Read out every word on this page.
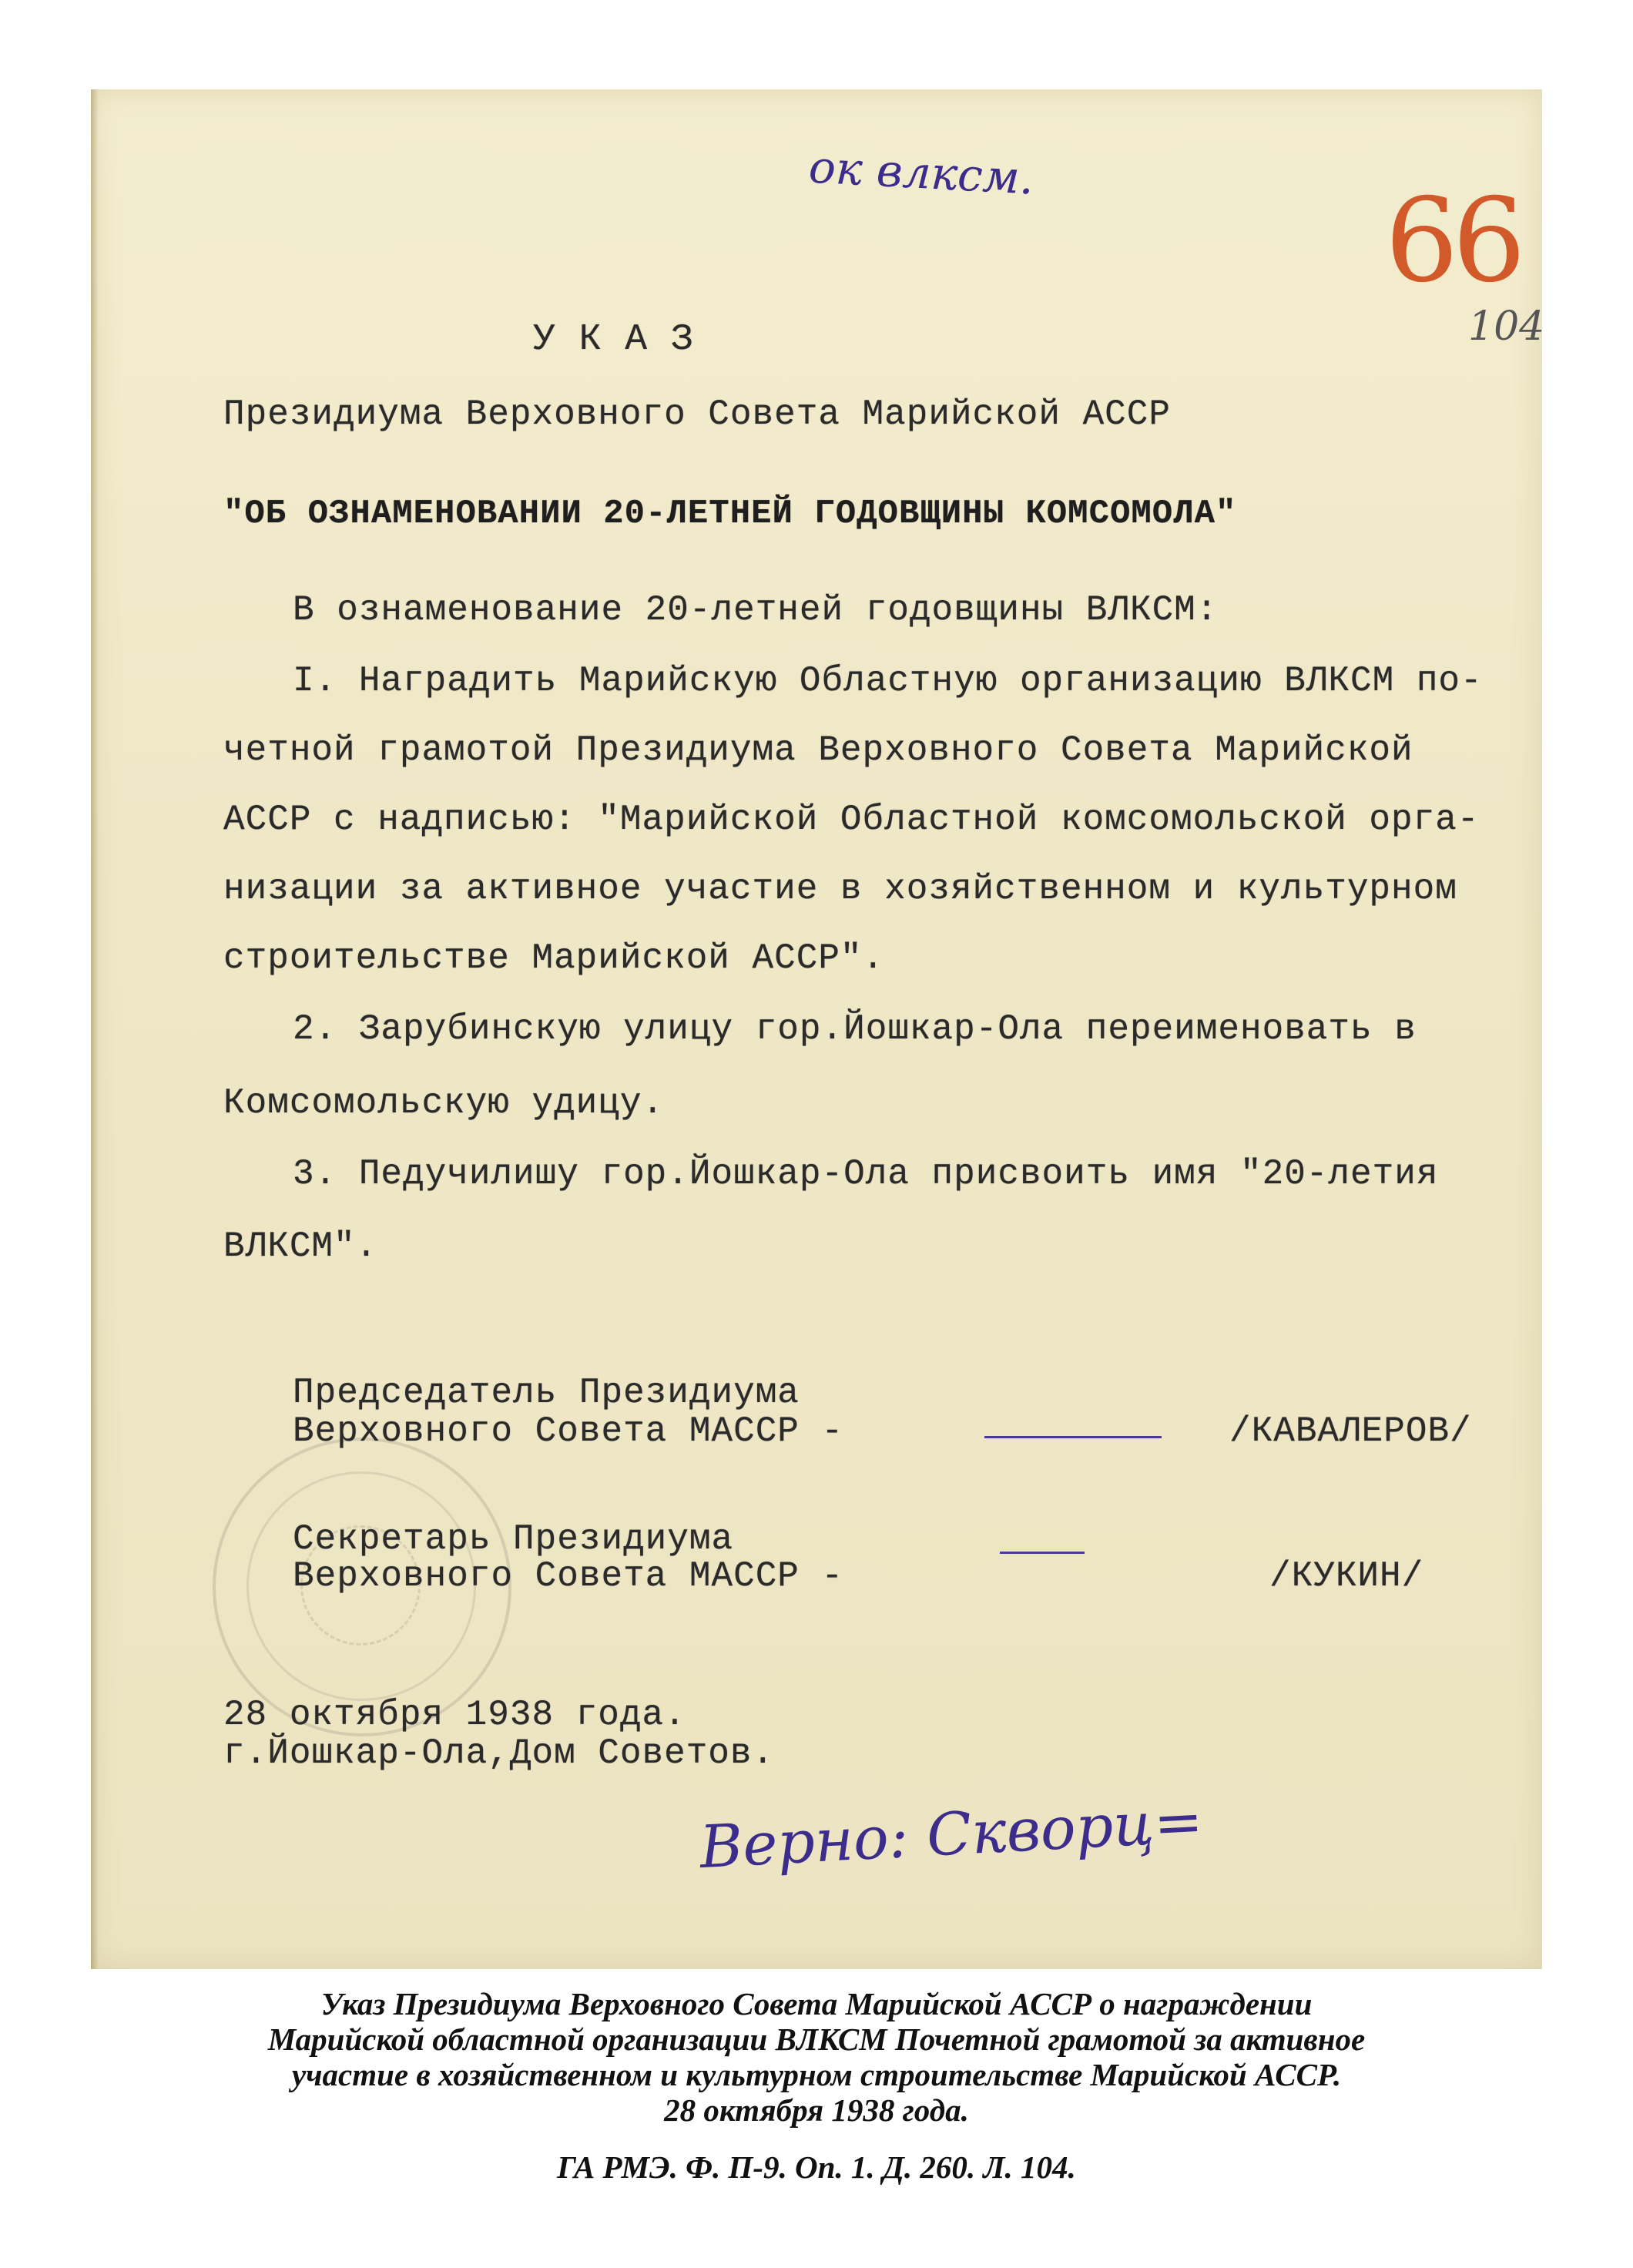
ок влксм.
66
104
У К А З
Президиума Верховного Совета Марийской АССР
"ОБ ОЗНАМЕНОВАНИИ 20-ЛЕТНЕЙ ГОДОВЩИНЫ КОМСОМОЛА"
В ознаменование 20-летней годовщины ВЛКСМ:
I. Наградить Марийскую Областную организацию ВЛКСМ по-
четной грамотой Президиума Верховного Совета Марийской
АССР с надписью: "Марийской Областной комсомольской орга-
низации за активное участие в хозяйственном и культурном
строительстве Марийской АССР".
2. Зарубинскую улицу гор.Йошкар-Ола переименовать в
Комсомольскую удицу.
3. Педучилишу гор.Йошкар-Ола присвоить имя "20-летия
ВЛКСМ".
Председатель Президиума
Верховного Совета МАССР -	/КАВАЛЕРОВ/
Секретарь Президиума
Верховного Совета МАССР -	/КУКИН/
28 октября 1938 года.
г.Йошкар-Ола,Дом Советов.
Верно: Скворц=
Указ Президиума Верховного Совета Марийской АССР о награждении
Марийской областной организации ВЛКСМ Почетной грамотой за активное
участие в хозяйственном и культурном строительстве Марийской АССР.
28 октября 1938 года.
ГА РМЭ. Ф. П-9. Оп. 1. Д. 260. Л. 104.
